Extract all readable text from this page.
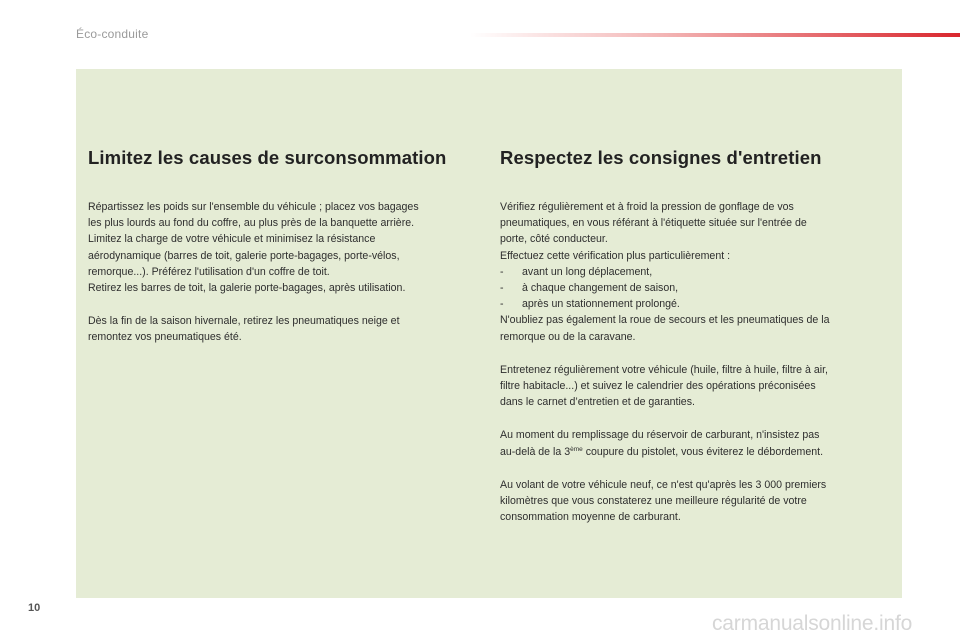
Éco-conduite
Limitez les causes de surconsommation

Répartissez les poids sur l'ensemble du véhicule ; placez vos bagages
les plus lourds au fond du coffre, au plus près de la banquette arrière.
Limitez la charge de votre véhicule et minimisez la résistance
aérodynamique (barres de toit, galerie porte-bagages, porte-vélos,
remorque...). Préférez l'utilisation d'un coffre de toit.
Retirez les barres de toit, la galerie porte-bagages, après utilisation.

Dès la fin de la saison hivernale, retirez les pneumatiques neige et
remontez vos pneumatiques été.

Respectez les consignes d'entretien

Vérifiez régulièrement et à froid la pression de gonflage de vos
pneumatiques, en vous référant à l'étiquette située sur l'entrée de
porte, côté conducteur.
Effectuez cette vérification plus particulièrement :
- avant un long déplacement,
- à chaque changement de saison,
- après un stationnement prolongé.
N'oubliez pas également la roue de secours et les pneumatiques de la
remorque ou de la caravane.

Entretenez régulièrement votre véhicule (huile, filtre à huile, filtre à air,
filtre habitacle...) et suivez le calendrier des opérations préconisées
dans le carnet d’entretien et de garanties.

Au moment du remplissage du réservoir de carburant, n'insistez pas
au-delà de la 3ème coupure du pistolet, vous éviterez le débordement.

Au volant de votre véhicule neuf, ce n'est qu'après les 3 000 premiers
kilomètres que vous constaterez une meilleure régularité de votre
consommation moyenne de carburant.

10
carmanualsonline.info
